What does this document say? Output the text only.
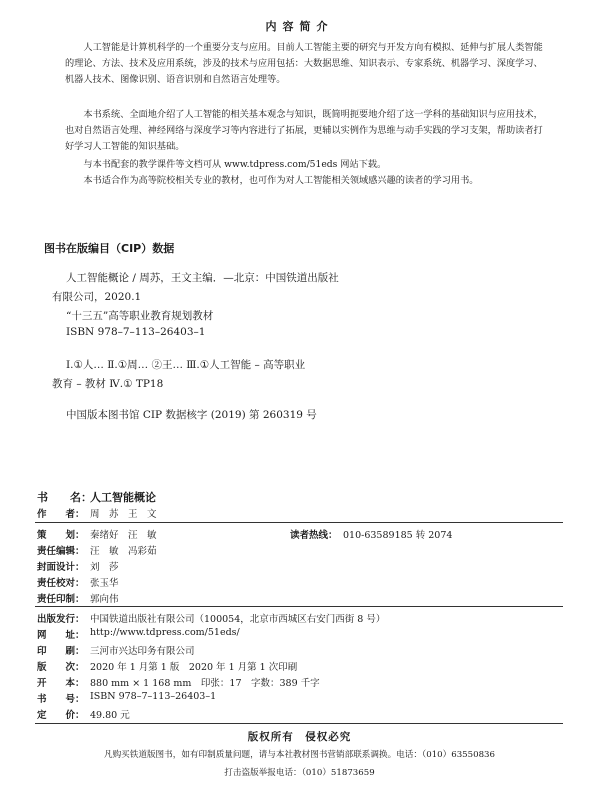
内容简介
人工智能是计算机科学的一个重要分支与应用。目前人工智能主要的研究与开发方向有模拟、延伸与扩展人类智能的理论、方法、技术及应用系统，涉及的技术与应用包括：大数据思维、知识表示、专家系统、机器学习、深度学习、机器人技术、图像识别、语音识别和自然语言处理等。
本书系统、全面地介绍了人工智能的相关基本观念与知识，既简明扼要地介绍了这一学科的基础知识与应用技术，也对自然语言处理、神经网络与深度学习等内容进行了拓展，更辅以实例作为思维与动手实践的学习支架，帮助读者打好学习人工智能的知识基础。
与本书配套的教学课件等文档可从 www.tdpress.com/51eds 网站下载。
本书适合作为高等院校相关专业的教材，也可作为对人工智能相关领域感兴趣的读者的学习用书。
图书在版编目（CIP）数据
人工智能概论 / 周苏，王文主编．—北京：中国铁道出版社
有限公司，2020.1
“十三五”高等职业教育规划教材
ISBN 978–7–113–26403–1
Ⅰ.①人… Ⅱ.①周… ②王… Ⅲ.①人工智能 – 高等职业
教育 – 教材 Ⅳ.① TP18
中国版本图书馆 CIP 数据核字 (2019) 第 260319 号
书　　名：
人工智能概论
作　　者： 周　苏　王　文
策　　划： 秦绪好　汪　敏	读者热线： 010-63589185 转 2074
责任编辑： 汪　敏　冯彩茹
封面设计： 刘　莎
责任校对： 张玉华
责任印制： 郭向伟
出版发行： 中国铁道出版社有限公司（100054，北京市西城区右安门西街 8 号）
网　　址： http://www.tdpress.com/51eds/
印　　刷： 三河市兴达印务有限公司
版　　次： 2020 年 1 月第 1 版　2020 年 1 月第 1 次印刷
开　　本： 880 mm × 1 168 mm　印张：17　字数：389 千字
书　　号： ISBN 978–7–113–26403–1
定　　价： 49.80 元
版权所有　侵权必究
凡购买铁道版图书，如有印制质量问题，请与本社教材图书营销部联系调换。电话：（010）63550836
打击盗版举报电话：（010）51873659
